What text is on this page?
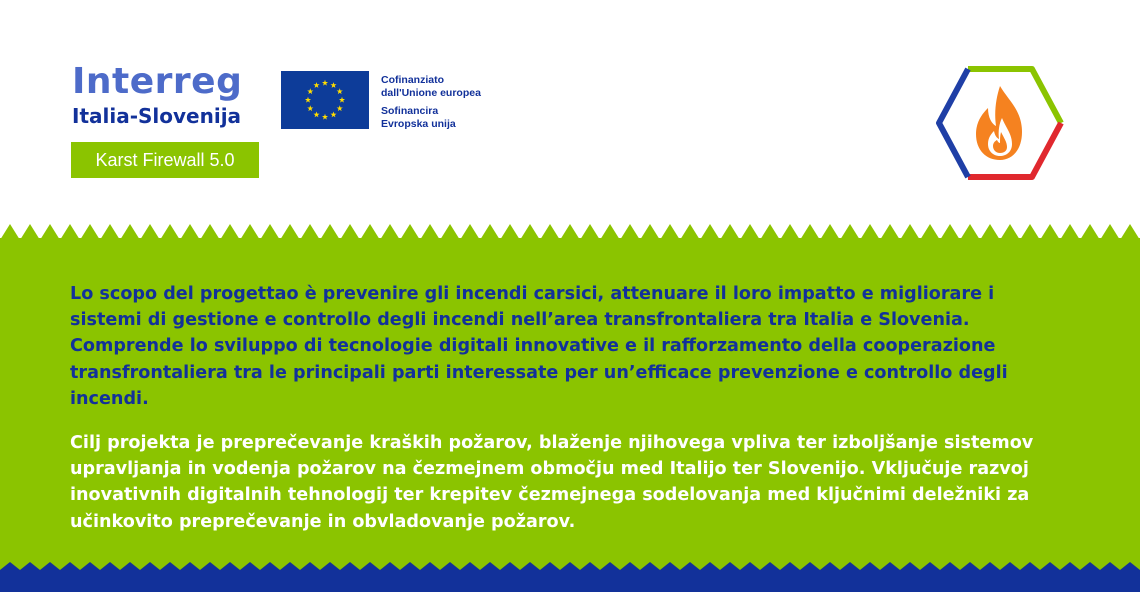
Interreg
Italia-Slovenija
Karst Firewall 5.0
Cofinanziato
dall'Unione europea
Sofinancira
Evropska unija

Lo scopo del progettao è prevenire gli incendi carsici, attenuare il loro impatto e migliorare i sistemi di gestione e controllo degli incendi nell’area transfrontaliera tra Italia e Slovenia. Comprende lo sviluppo di tecnologie digitali innovative e il rafforzamento della cooperazione transfrontaliera tra le principali parti interessate per un’efficace prevenzione e controllo degli incendi.

Cilj projekta je preprečevanje kraških požarov, blaženje njihovega vpliva ter izboljšanje sistemov upravljanja in vodenja požarov na čezmejnem območju med Italijo ter Slovenijo. Vključuje razvoj inovativnih digitalnih tehnologij ter krepitev čezmejnega sodelovanja med ključnimi deležniki za učinkovito preprečevanje in obvladovanje požarov.
